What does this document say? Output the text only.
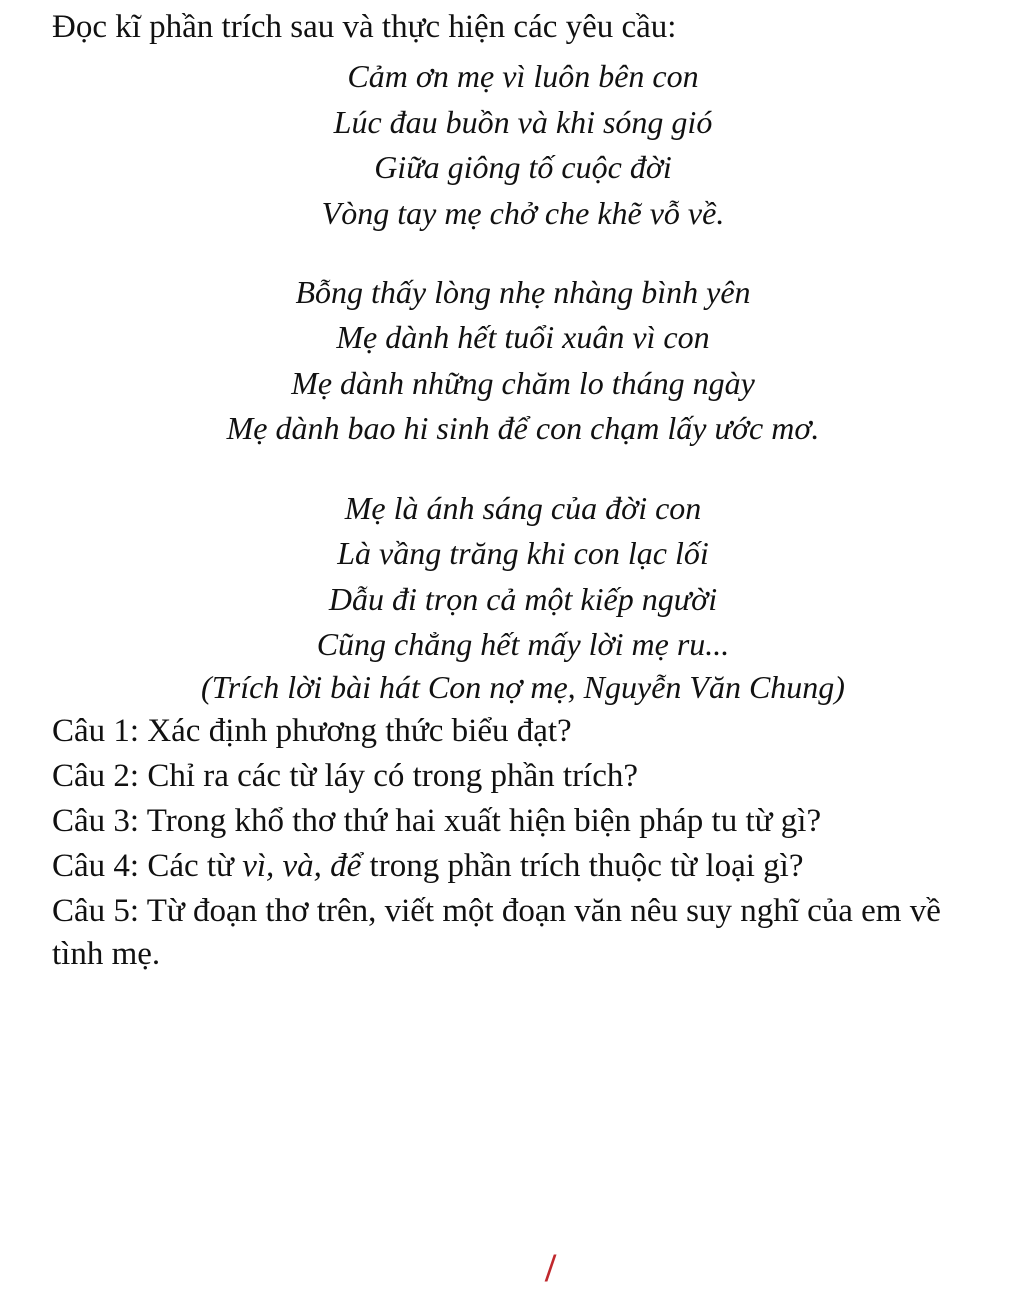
Đọc kĩ phần trích sau và thực hiện các yêu cầu:

Cảm ơn mẹ vì luôn bên con
Lúc đau buồn và khi sóng gió
Giữa giông tố cuộc đời
Vòng tay mẹ chở che khẽ vỗ về.
Bỗng thấy lòng nhẹ nhàng bình yên
Mẹ dành hết tuổi xuân vì con
Mẹ dành những chăm lo tháng ngày
Mẹ dành bao hi sinh để con chạm lấy ước mơ.
Mẹ là ánh sáng của đời con
Là vầng trăng khi con lạc lối
Dẫu đi trọn cả một kiếp người
Cũng chẳng hết mấy lời mẹ ru...

(Trích lời bài hát Con nợ mẹ, Nguyễn Văn Chung)

Câu 1: Xác định phương thức biểu đạt?

Câu 2: Chỉ ra các từ láy có trong phần trích?

Câu 3: Trong khổ thơ thứ hai xuất hiện biện pháp tu từ gì?

Câu 4: Các từ vì, và, để trong phần trích thuộc từ loại gì?

Câu 5: Từ đoạn thơ trên, viết một đoạn văn nêu suy nghĩ của em về tình mẹ.

/
